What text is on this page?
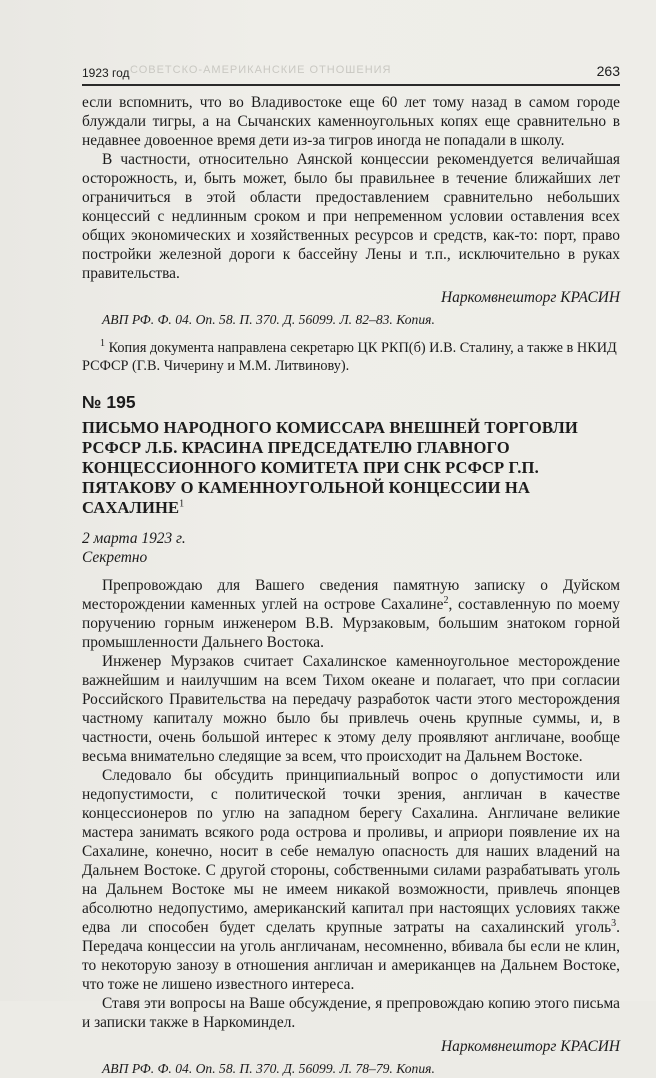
СОВЕТСКО-АМЕРИКАНСКИЕ ОТНОШЕНИЯ
1923 год	263

если вспомнить, что во Владивостоке еще 60 лет тому назад в самом городе блуждали тигры, а на Сычанских каменноугольных копях еще сравнительно в недавнее довоенное время дети из-за тигров иногда не попадали в школу.

В частности, относительно Аянской концессии рекомендуется величайшая осторожность, и, быть может, было бы правильнее в течение ближайших лет ограничиться в этой области предоставлением сравнительно небольших концессий с недлинным сроком и при непременном условии оставления всех общих экономических и хозяйственных ресурсов и средств, как-то: порт, право постройки железной дороги к бассейну Лены и т.п., исключительно в руках правительства.

Наркомвнешторг КРАСИН
АВП РФ. Ф. 04. Оп. 58. П. 370. Д. 56099. Л. 82–83. Копия.

$^1$ Копия документа направлена секретарю ЦК РКП(б) И.В. Сталину, а также в НКИД РСФСР (Г.В. Чичерину и М.М. Литвинову).

№ 195
ПИСЬМО НАРОДНОГО КОМИССАРА ВНЕШНЕЙ ТОРГОВЛИ РСФСР Л.Б. КРАСИНА ПРЕДСЕДАТЕЛЮ ГЛАВНОГО КОНЦЕССИОННОГО КОМИТЕТА ПРИ СНК РСФСР Г.П. ПЯТАКОВУ О КАМЕННОУГОЛЬНОЙ КОНЦЕССИИ НА САХАЛИНЕ$^1$
2 марта 1923 г.
Секретно

Препровождаю для Вашего сведения памятную записку о Дуйском месторождении каменных углей на острове Сахалине$^2$, составленную по моему поручению горным инженером В.В. Мурзаковым, большим знатоком горной промышленности Дальнего Востока.

Инженер Мурзаков считает Сахалинское каменноугольное месторождение важнейшим и наилучшим на всем Тихом океане и полагает, что при согласии Российского Правительства на передачу разработок части этого месторождения частному капиталу можно было бы привлечь очень крупные суммы, и, в частности, очень большой интерес к этому делу проявляют англичане, вообще весьма внимательно следящие за всем, что происходит на Дальнем Востоке.

Следовало бы обсудить принципиальный вопрос о допустимости или недопустимости, с политической точки зрения, англичан в качестве концессионеров по углю на западном берегу Сахалина. Англичане великие мастера занимать всякого рода острова и проливы, и априори появление их на Сахалине, конечно, носит в себе немалую опасность для наших владений на Дальнем Востоке. С другой стороны, собственными силами разрабатывать уголь на Дальнем Востоке мы не имеем никакой возможности, привлечь японцев абсолютно недопустимо, американский капитал при настоящих условиях также едва ли способен будет сделать крупные затраты на сахалинский уголь$^3$. Передача концессии на уголь англичанам, несомненно, вбивала бы если не клин, то некоторую занозу в отношения англичан и американцев на Дальнем Востоке, что тоже не лишено известного интереса.

Ставя эти вопросы на Ваше обсуждение, я препровождаю копию этого письма и записки также в Наркоминдел.

Наркомвнешторг КРАСИН
АВП РФ. Ф. 04. Оп. 58. П. 370. Д. 56099. Л. 78–79. Копия.
